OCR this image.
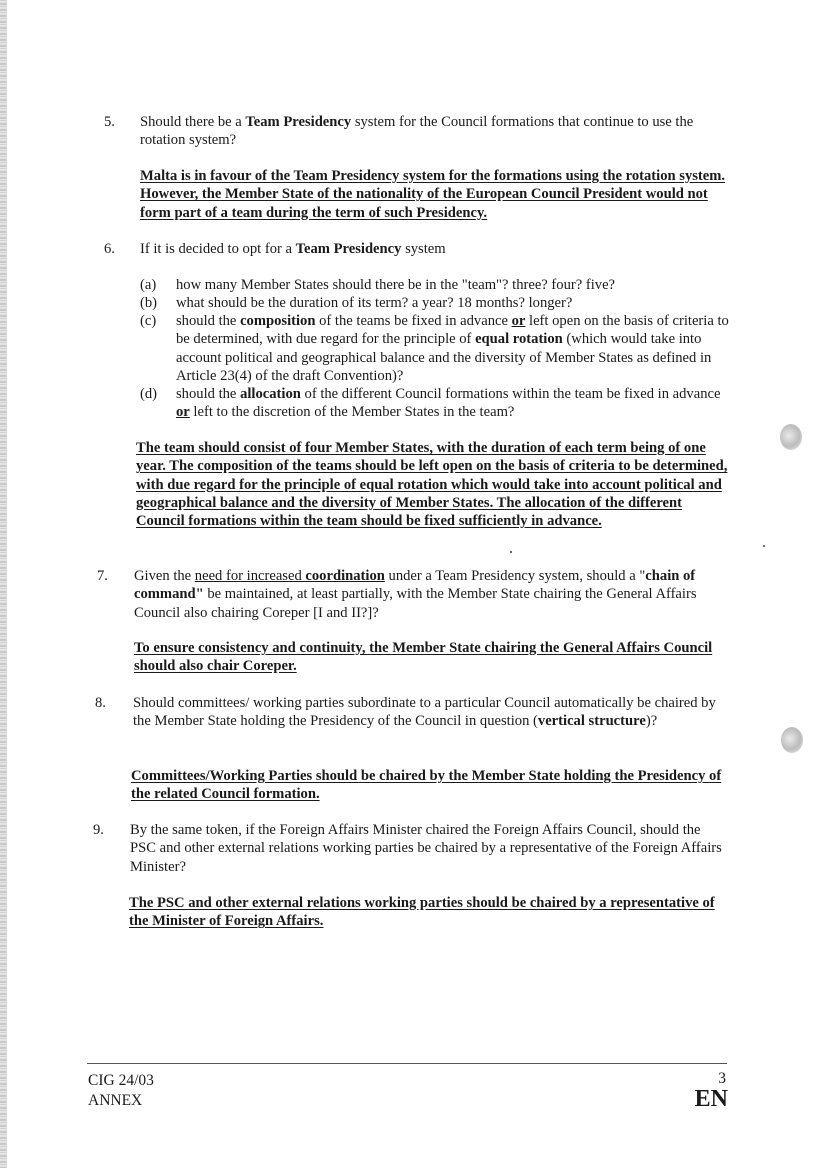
5. Should there be a Team Presidency system for the Council formations that continue to use the rotation system?
Malta is in favour of the Team Presidency system for the formations using the rotation system. However, the Member State of the nationality of the European Council President would not form part of a team during the term of such Presidency.
6. If it is decided to opt for a Team Presidency system
(a) how many Member States should there be in the "team"? three? four? five?
(b) what should be the duration of its term? a year? 18 months? longer?
(c) should the composition of the teams be fixed in advance or left open on the basis of criteria to be determined, with due regard for the principle of equal rotation (which would take into account political and geographical balance and the diversity of Member States as defined in Article 23(4) of the draft Convention)?
(d) should the allocation of the different Council formations within the team be fixed in advance or left to the discretion of the Member States in the team?
The team should consist of four Member States, with the duration of each term being of one year. The composition of the teams should be left open on the basis of criteria to be determined, with due regard for the principle of equal rotation which would take into account political and geographical balance and the diversity of Member States. The allocation of the different Council formations within the team should be fixed sufficiently in advance.
7. Given the need for increased coordination under a Team Presidency system, should a "chain of command" be maintained, at least partially, with the Member State chairing the General Affairs Council also chairing Coreper [I and II?]?
To ensure consistency and continuity, the Member State chairing the General Affairs Council should also chair Coreper.
8. Should committees/ working parties subordinate to a particular Council automatically be chaired by the Member State holding the Presidency of the Council in question (vertical structure)?
Committees/Working Parties should be chaired by the Member State holding the Presidency of the related Council formation.
9. By the same token, if the Foreign Affairs Minister chaired the Foreign Affairs Council, should the PSC and other external relations working parties be chaired by a representative of the Foreign Affairs Minister?
The PSC and other external relations working parties should be chaired by a representative of the Minister of Foreign Affairs.
CIG 24/03
ANNEX
3
EN
